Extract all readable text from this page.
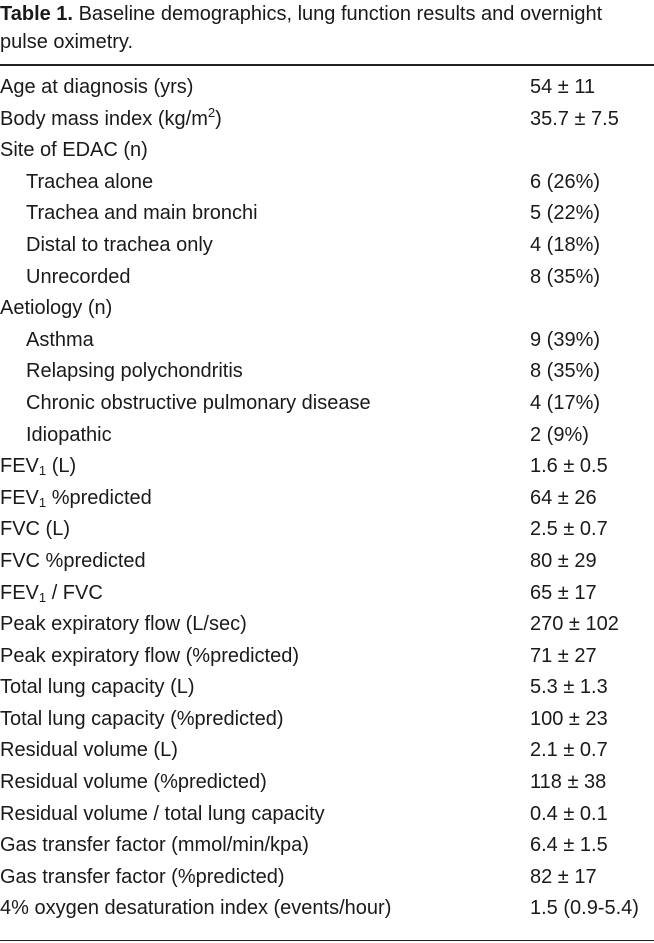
Table 1. Baseline demographics, lung function results and overnight pulse oximetry.
Age at diagnosis (yrs)	54 ± 11
Body mass index $(kg/m^2)$	35.7 ± 7.5
Site of EDAC (n)
Trachea alone	6 (26%)
Trachea and main bronchi	5 (22%)
Distal to trachea only	4 (18%)
Unrecorded	8 (35%)
Aetiology (n)
Asthma	9 (39%)
Relapsing polychondritis	8 (35%)
Chronic obstructive pulmonary disease	4 (17%)
Idiopathic	2 (9%)
$FEV_1$ (L)	1.6 ± 0.5
$FEV_1$ %predicted	64 ± 26
FVC (L)	2.5 ± 0.7
FVC %predicted	80 ± 29
$FEV_1$ / FVC	65 ± 17
Peak expiratory flow (L/sec)	270 ± 102
Peak expiratory flow (%predicted)	71 ± 27
Total lung capacity (L)	5.3 ± 1.3
Total lung capacity (%predicted)	100 ± 23
Residual volume (L)	2.1 ± 0.7
Residual volume (%predicted)	118 ± 38
Residual volume / total lung capacity	0.4 ± 0.1
Gas transfer factor (mmol/min/kpa)	6.4 ± 1.5
Gas transfer factor (%predicted)	82 ± 17
4% oxygen desaturation index (events/hour)	1.5 (0.9-5.4)
